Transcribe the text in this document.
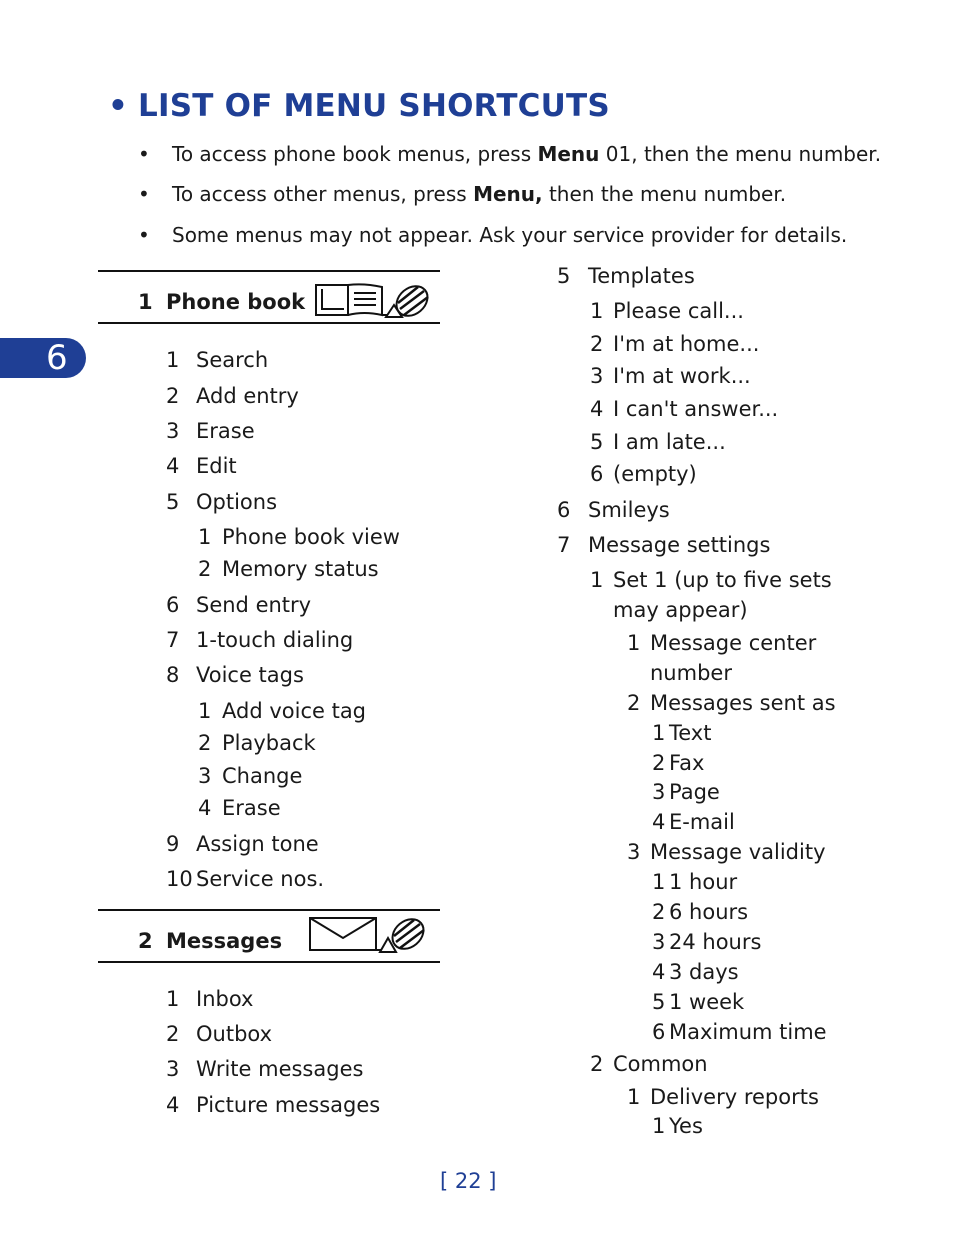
6
• LIST OF MENU SHORTCUTS
• To access phone book menus, press Menu 01, then the menu number.
• To access other menus, press Menu, then the menu number.
• Some menus may not appear. Ask your service provider for details.
1 Phone book
1 Search
2 Add entry
3 Erase
4 Edit
5 Options
1 Phone book view
2 Memory status
6 Send entry
7 1-touch dialing
8 Voice tags
1 Add voice tag
2 Playback
3 Change
4 Erase
9 Assign tone
10 Service nos.
2 Messages
1 Inbox
2 Outbox
3 Write messages
4 Picture messages
5 Templates
1 Please call...
2 I'm at home...
3 I'm at work...
4 I can't answer...
5 I am late...
6 (empty)
6 Smileys
7 Message settings
1 Set 1 (up to five sets
may appear)
1 Message center
number
2 Messages sent as
1 Text
2 Fax
3 Page
4 E-mail
3 Message validity
1 1 hour
2 6 hours
3 24 hours
4 3 days
5 1 week
6 Maximum time
2 Common
1 Delivery reports
1 Yes
[ 22 ]
